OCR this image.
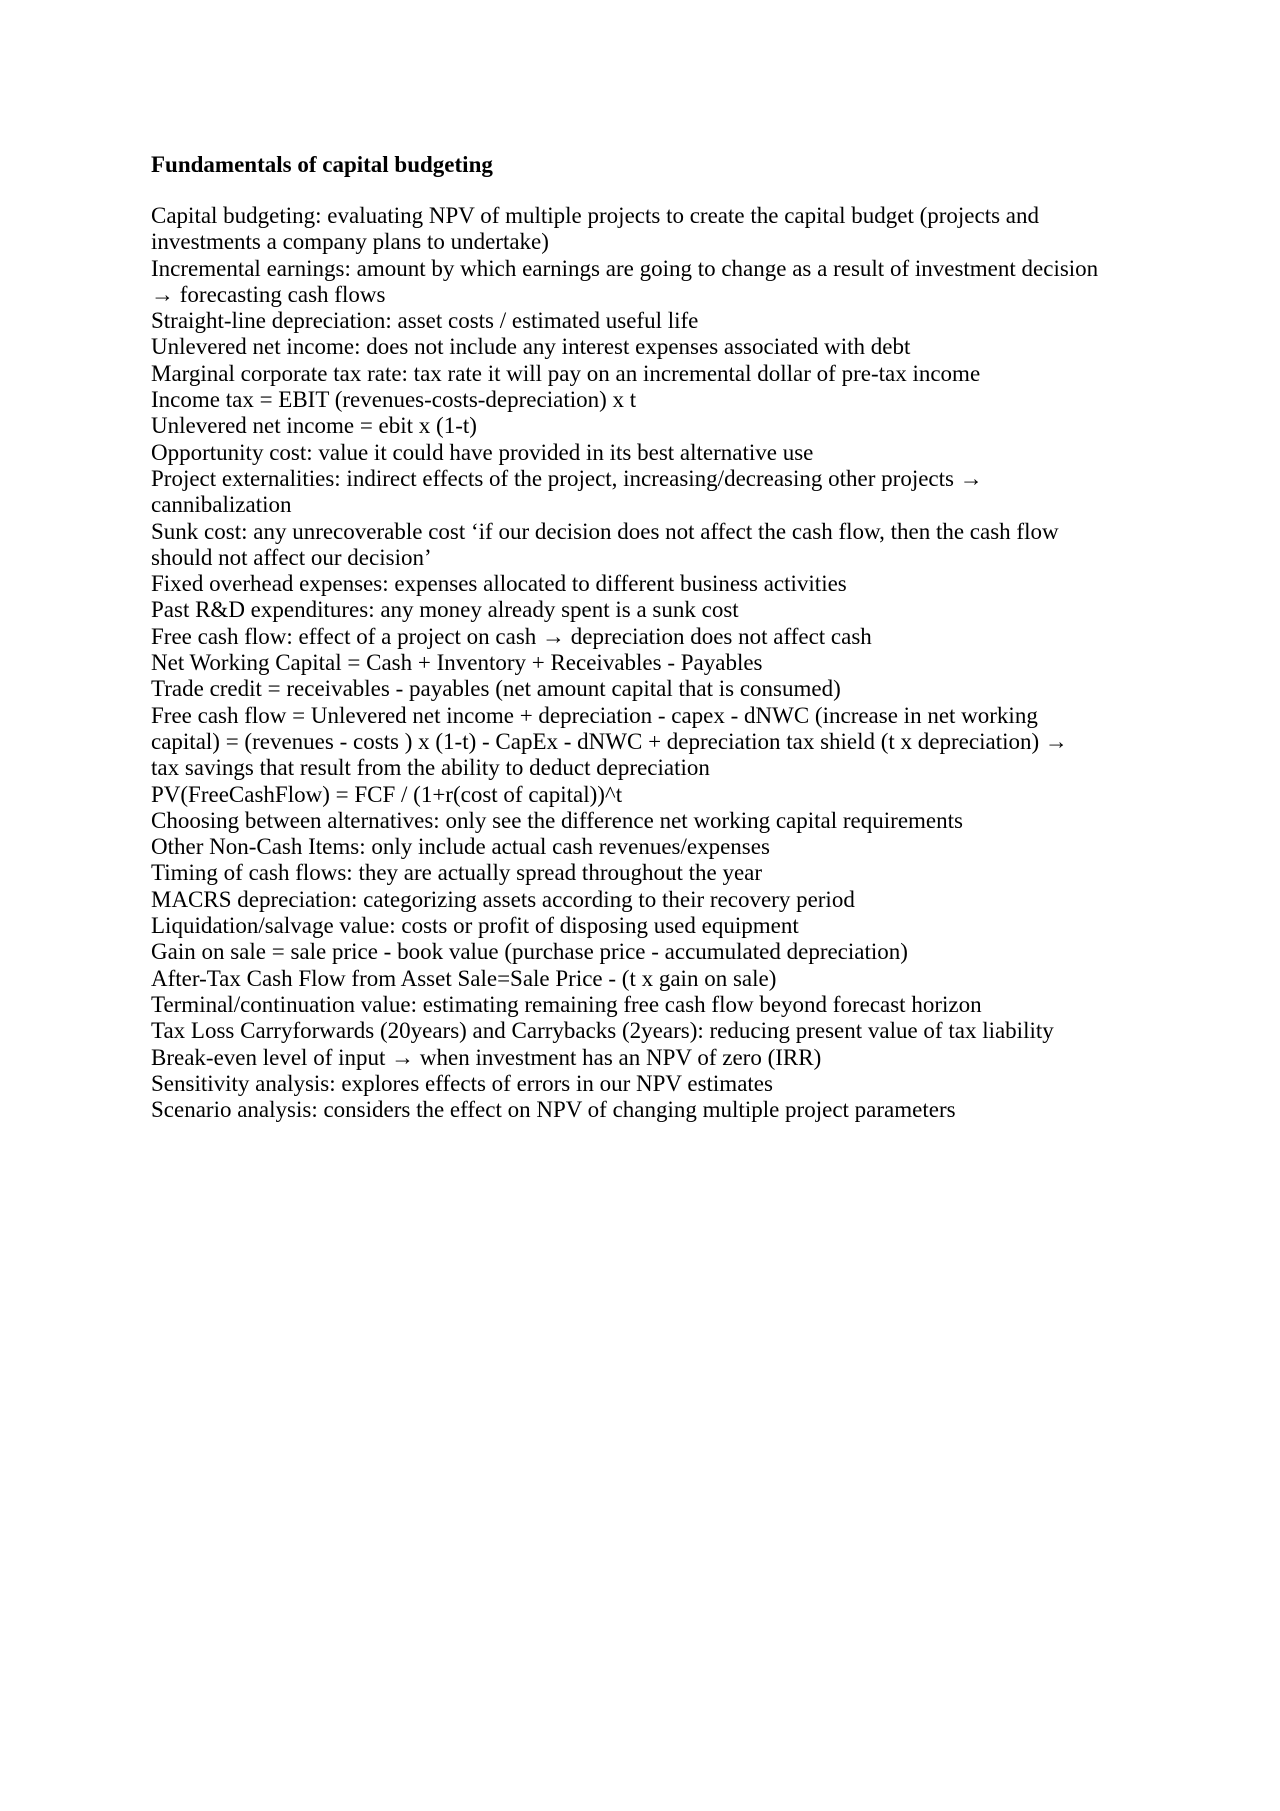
Fundamentals of capital budgeting
Capital budgeting: evaluating NPV of multiple projects to create the capital budget (projects and
investments a company plans to undertake)
Incremental earnings: amount by which earnings are going to change as a result of investment decision
→ forecasting cash flows
Straight-line depreciation: asset costs / estimated useful life
Unlevered net income: does not include any interest expenses associated with debt
Marginal corporate tax rate: tax rate it will pay on an incremental dollar of pre-tax income
Income tax = EBIT (revenues-costs-depreciation) x t
Unlevered net income = ebit x (1-t)
Opportunity cost: value it could have provided in its best alternative use
Project externalities: indirect effects of the project, increasing/decreasing other projects →
cannibalization
Sunk cost: any unrecoverable cost ‘if our decision does not affect the cash flow, then the cash flow
should not affect our decision’
Fixed overhead expenses: expenses allocated to different business activities
Past R&D expenditures: any money already spent is a sunk cost
Free cash flow: effect of a project on cash → depreciation does not affect cash
Net Working Capital = Cash + Inventory + Receivables - Payables
Trade credit = receivables - payables (net amount capital that is consumed)
Free cash flow = Unlevered net income + depreciation - capex - dNWC (increase in net working
capital) = (revenues - costs ) x (1-t) - CapEx - dNWC + depreciation tax shield (t x depreciation) →
tax savings that result from the ability to deduct depreciation
PV(FreeCashFlow) = FCF / (1+r(cost of capital))^t
Choosing between alternatives: only see the difference net working capital requirements
Other Non-Cash Items: only include actual cash revenues/expenses
Timing of cash flows: they are actually spread throughout the year
MACRS depreciation: categorizing assets according to their recovery period
Liquidation/salvage value: costs or profit of disposing used equipment
Gain on sale = sale price - book value (purchase price - accumulated depreciation)
After-Tax Cash Flow from Asset Sale=Sale Price - (t x gain on sale)
Terminal/continuation value: estimating remaining free cash flow beyond forecast horizon
Tax Loss Carryforwards (20years) and Carrybacks (2years): reducing present value of tax liability
Break-even level of input → when investment has an NPV of zero (IRR)
Sensitivity analysis: explores effects of errors in our NPV estimates
Scenario analysis: considers the effect on NPV of changing multiple project parameters
